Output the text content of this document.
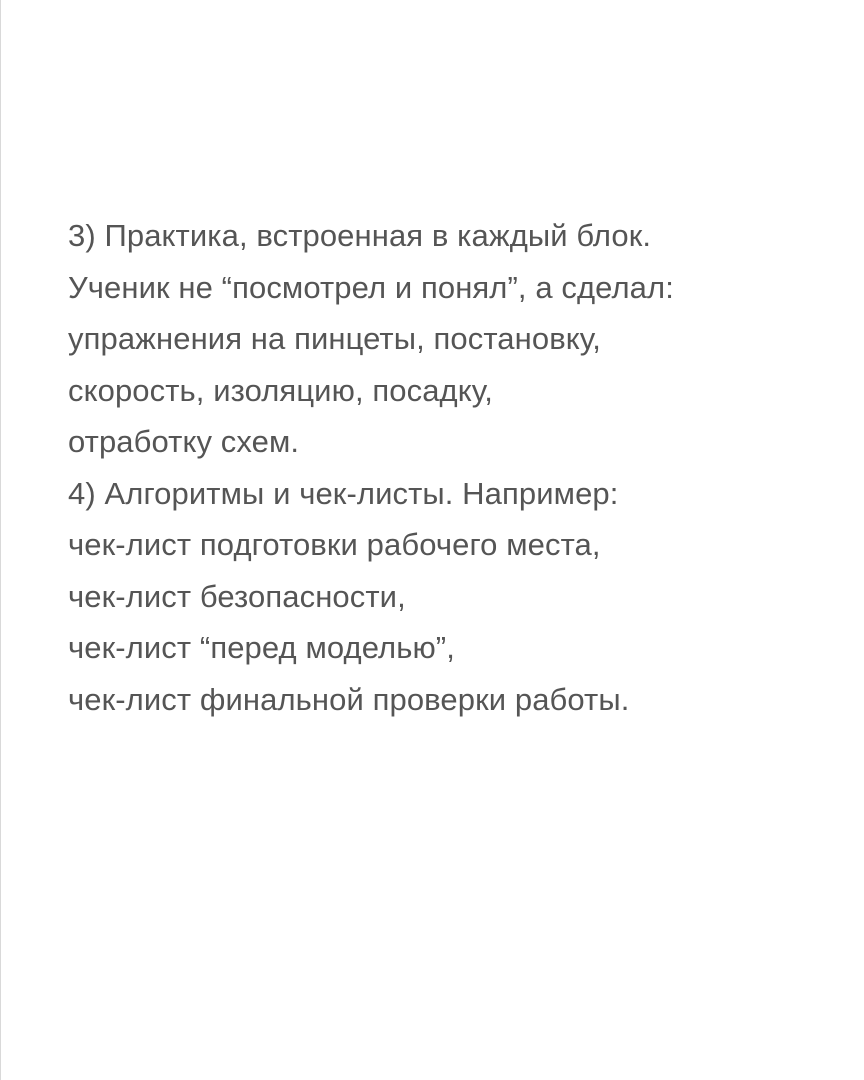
3) Практика, встроенная в каждый блок.
Ученик не “посмотрел и понял”, а сделал:
упражнения на пинцеты, постановку,
скорость, изоляцию, посадку,
отработку схем.
4) Алгоритмы и чек-листы. Например:
чек-лист подготовки рабочего места,
чек-лист безопасности,
чек-лист “перед моделью”,
чек-лист финальной проверки работы.
